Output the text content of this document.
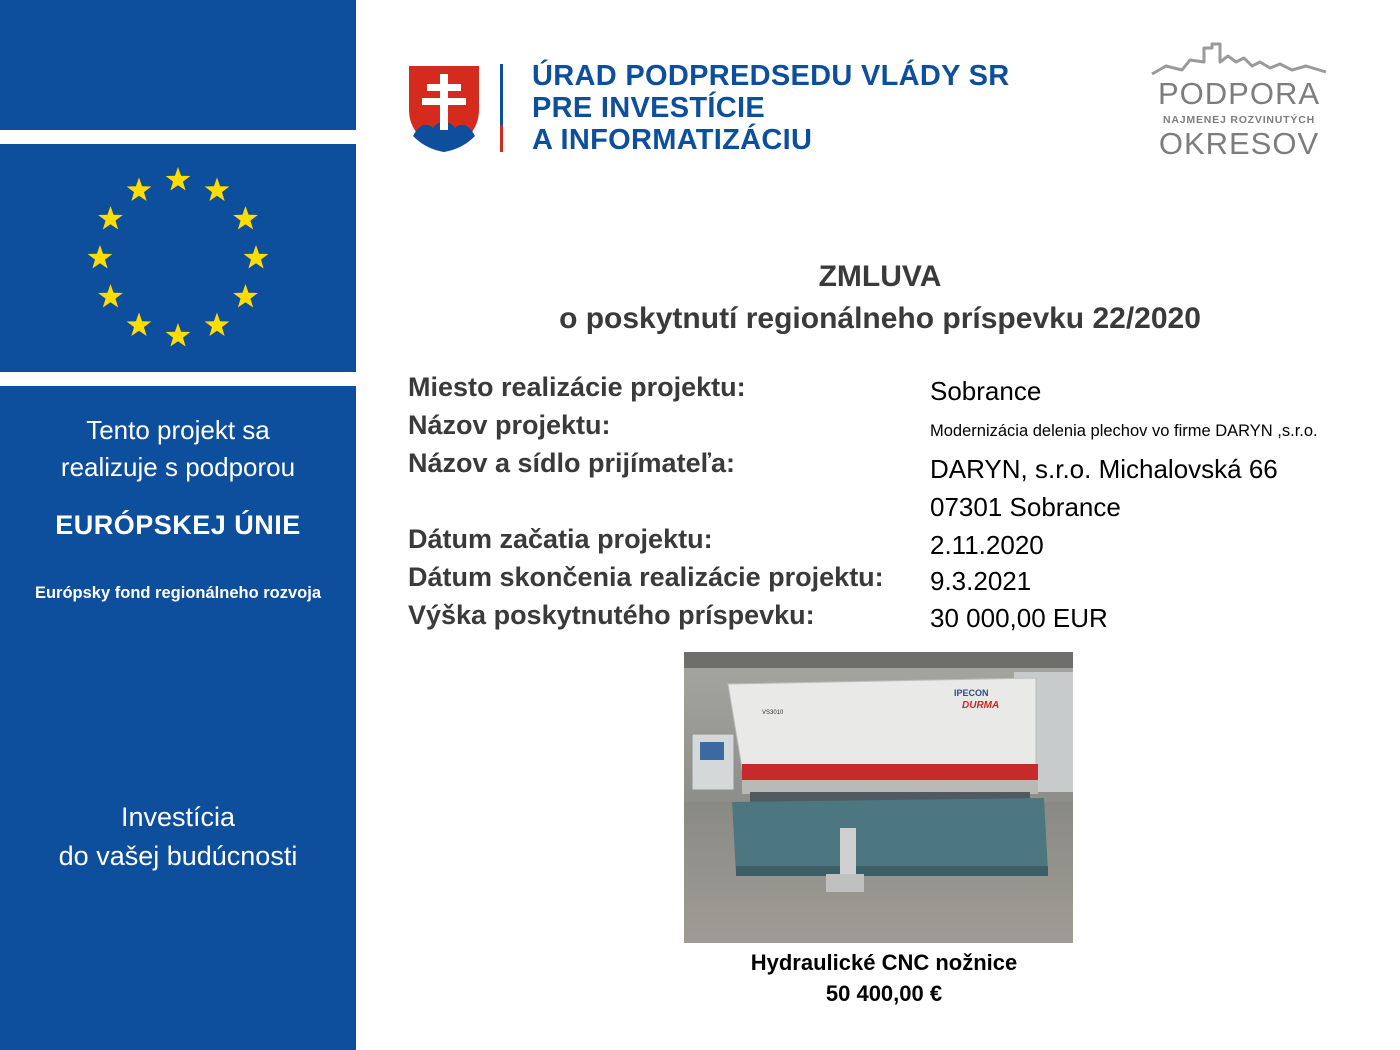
Tento projekt sa
realizuje s podporou
EURÓPSKEJ ÚNIE
Európsky fond regionálneho rozvoja
Investícia
do vašej budúcnosti
ÚRAD PODPREDSEDU VLÁDY SR
PRE INVESTÍCIE
A INFORMATIZÁCIU
PODPORA
NAJMENEJ ROZVINUTÝCH
OKRESOV
ZMLUVA
o poskytnutí regionálneho príspevku 22/2020
Miesto realizácie projektu:	Sobrance
Názov projektu:	Modernizácia delenia plechov vo firme DARYN ,s.r.o.
Názov a sídlo prijímateľa:	DARYN, s.r.o. Michalovská 66
07301 Sobrance
Dátum začatia projektu:	2.11.2020
Dátum skončenia realizácie projektu: 9.3.2021
Výška poskytnutého príspevku:	30 000,00 EUR
IPECON
DURMA
VS3010
Hydraulické CNC nožnice
50 400,00 €
